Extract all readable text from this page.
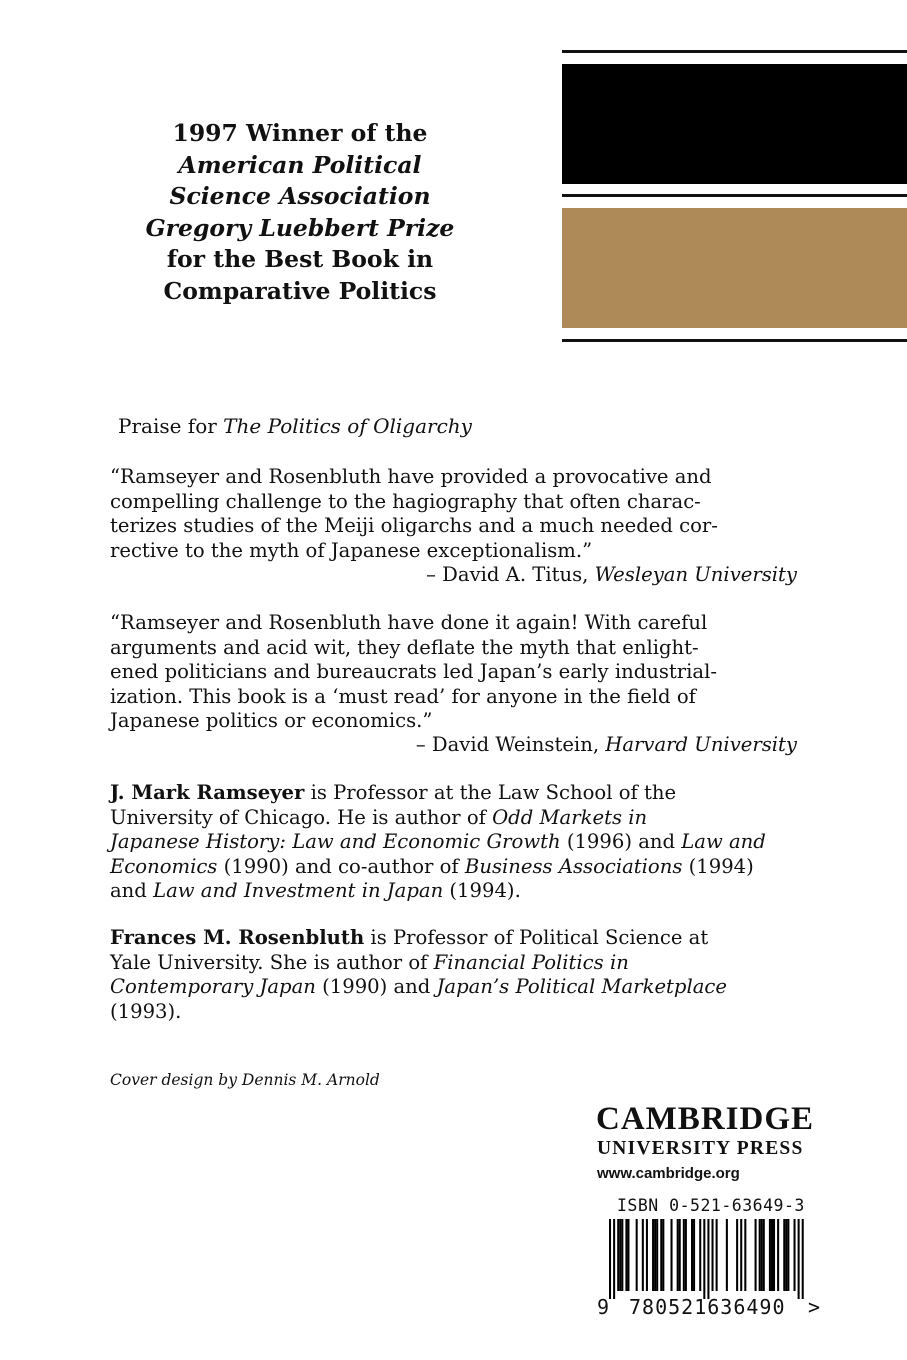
1997 Winner of the
American Political
Science Association
Gregory Luebbert Prize
for the Best Book in
Comparative Politics
Praise for The Politics of Oligarchy
“Ramseyer and Rosenbluth have provided a provocative and
compelling challenge to the hagiography that often charac-
terizes studies of the Meiji oligarchs and a much needed cor-
rective to the myth of Japanese exceptionalism.”
– David A. Titus, Wesleyan University
“Ramseyer and Rosenbluth have done it again! With careful
arguments and acid wit, they deflate the myth that enlight-
ened politicians and bureaucrats led Japan’s early industrial-
ization. This book is a ‘must read’ for anyone in the field of
Japanese politics or economics.”
– David Weinstein, Harvard University
J. Mark Ramseyer is Professor at the Law School of the
University of Chicago. He is author of Odd Markets in
Japanese History: Law and Economic Growth (1996) and Law and
Economics (1990) and co-author of Business Associations (1994)
and Law and Investment in Japan (1994).
Frances M. Rosenbluth is Professor of Political Science at
Yale University. She is author of Financial Politics in
Contemporary Japan (1990) and Japan’s Political Marketplace
(1993).
Cover design by Dennis M. Arnold
CAMBRIDGE
UNIVERSITY PRESS
www.cambridge.org
ISBN 0-521-63649-3
9 780521636490 >
